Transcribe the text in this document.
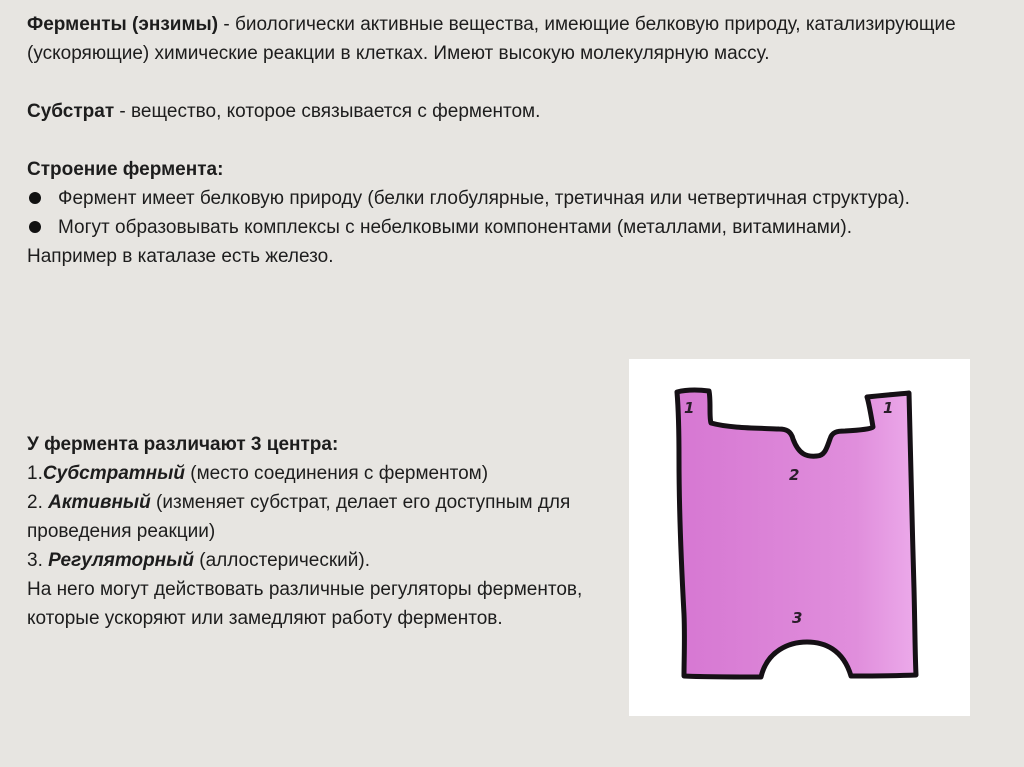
Ферменты (энзимы) - биологически активные вещества, имеющие белковую природу, катализирующие (ускоряющие) химические реакции в клетках. Имеют высокую молекулярную массу.

Субстрат - вещество, которое связывается с ферментом.

Строение фермента:

Фермент имеет белковую природу (белки глобулярные, третичная или четвертичная структура).
Могут образовывать комплексы с небелковыми компонентами (металлами, витаминами).

Например в каталазе есть железо.

У фермента различают 3 центра:

1.Субстратный (место соединения с ферментом)

2. Активный (изменяет субстрат, делает его доступным для проведения реакции)

3. Регуляторный (аллостерический).

На него могут действовать различные регуляторы ферментов, которые ускоряют или замедляют работу ферментов.

1	1
2
3
